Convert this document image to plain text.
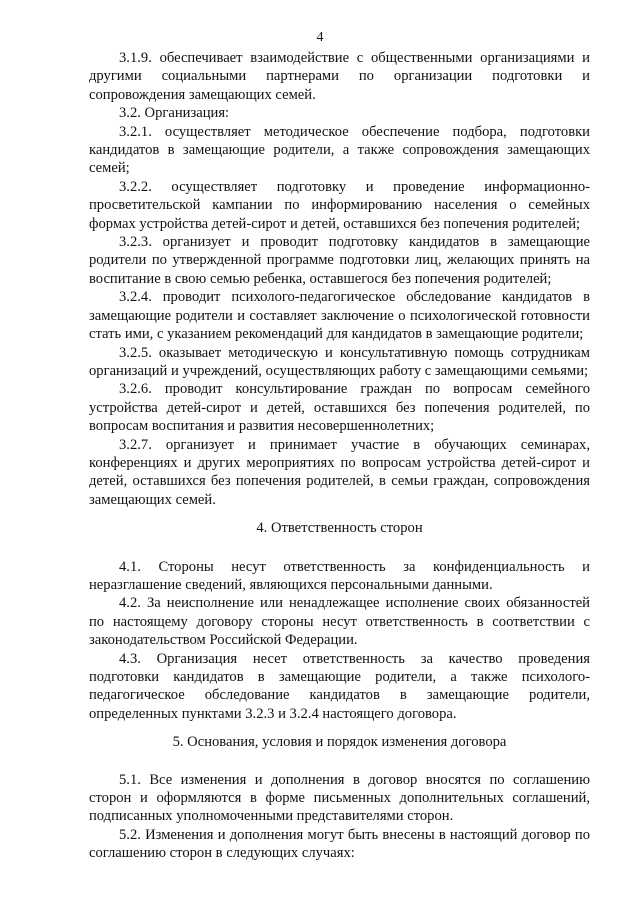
4

3.1.9. обеспечивает взаимодействие с общественными организациями и другими социальными партнерами по организации подготовки и сопровождения замещающих семей.

3.2. Организация:

3.2.1. осуществляет методическое обеспечение подбора, подготовки кандидатов в замещающие родители, а также сопровождения замещающих семей;

3.2.2. осуществляет подготовку и проведение информационно-просветительской кампании по информированию населения о семейных формах устройства детей-сирот и детей, оставшихся без попечения родителей;

3.2.3. организует и проводит подготовку кандидатов в замещающие родители по утвержденной программе подготовки лиц, желающих принять на воспитание в свою семью ребенка, оставшегося без попечения родителей;

3.2.4. проводит психолого-педагогическое обследование кандидатов в замещающие родители и составляет заключение о психологической готовности стать ими, с указанием рекомендаций для кандидатов в замещающие родители;

3.2.5. оказывает методическую и консультативную помощь сотрудникам организаций и учреждений, осуществляющих работу с замещающими семьями;

3.2.6. проводит консультирование граждан по вопросам семейного устройства детей-сирот и детей, оставшихся без попечения родителей, по вопросам воспитания и развития несовершеннолетних;

3.2.7. организует и принимает участие в обучающих семинарах, конференциях и других мероприятиях по вопросам устройства детей-сирот и детей, оставшихся без попечения родителей, в семьи граждан, сопровождения замещающих семей.

4. Ответственность сторон

4.1. Стороны несут ответственность за конфиденциальность и неразглашение сведений, являющихся персональными данными.

4.2. За неисполнение или ненадлежащее исполнение своих обязанностей по настоящему договору стороны несут ответственность в соответствии с законодательством Российской Федерации.

4.3. Организация несет ответственность за качество проведения подготовки кандидатов в замещающие родители, а также психолого-педагогическое обследование кандидатов в замещающие родители, определенных пунктами 3.2.3 и 3.2.4 настоящего договора.

5. Основания, условия и порядок изменения договора

5.1. Все изменения и дополнения в договор вносятся по соглашению сторон и оформляются в форме письменных дополнительных соглашений, подписанных уполномоченными представителями сторон.

5.2. Изменения и дополнения могут быть внесены в настоящий договор по соглашению сторон в следующих случаях:
